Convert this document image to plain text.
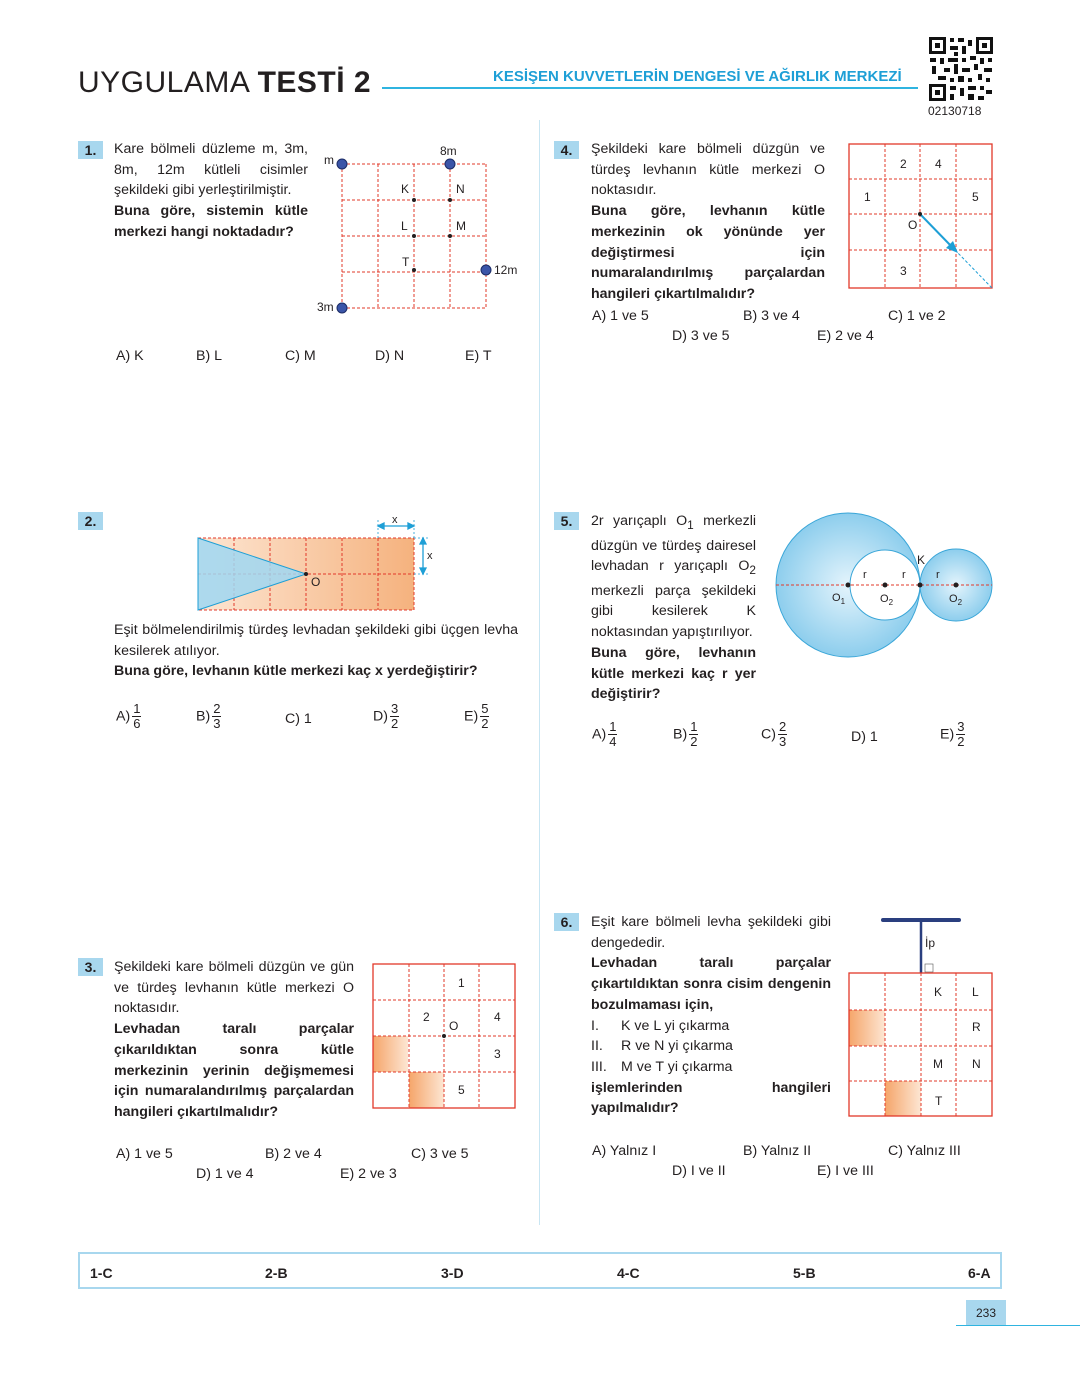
UYGULAMA TESTİ 2	KESİŞEN KUVVETLERİN DENGESİ VE AĞIRLIK MERKEZİ
02130718
1.	Kare bölmeli düzleme m, 3m, 8m, 12m kütleli cisimler şekildeki gibi yerleştirilmiştir.

Buna göre, sistemin kütle merkezi hangi noktadadır?

m
8m
12m
3m
K	N
L	M
T
A) K	B) L	C) M	D) N	E) T
2.
O
x
x

Eşit bölmelendirilmiş türdeş levhadan şekildeki gibi üçgen levha kesilerek atılıyor.

Buna göre, levhanın kütle merkezi kaç x yerdeğiştirir?

$A) \frac{1}{6}$	$B) \frac{2}{3}$	C) 1	$D) \frac{3}{2}$	$E) \frac{5}{2}$
3.	Şekildeki kare bölmeli düzgün ve gün ve türdeş levhanın kütle merkezi O noktasıdır.

Levhadan taralı parçalar çıkarıldıktan sonra kütle merkezinin yerinin değişmemesi için numaralandırılmış parçalardan hangileri çıkartılmalıdır?

1
2
O
4
3
5
A) 1 ve 5	B) 2 ve 4	C) 3 ve 5
D) 1 ve 4	E) 2 ve 3
4.	Şekildeki kare bölmeli düzgün ve türdeş levhanın kütle merkezi O noktasıdır.

Buna göre, levhanın kütle merkezinin ok yönünde yer değiştirmesi için numaralandırılmış parçalardan hangileri çıkartılmalıdır?

2 4
1	5
O
3
A) 1 ve 5	B) 3 ve 4	C) 1 ve 2
D) 3 ve 5	E) 2 ve 4
5.	2r yarıçaplı $O_1$ merkezli düzgün ve türdeş dairesel levhadan r yarıçaplı $O_2$ merkezli parça şekildeki gibi kesilerek K noktasından yapıştırılıyor.

Buna göre, levhanın kütle merkezi kaç r yer değiştirir?

K
r	r	r
$O_1$	$O_2$	$O_2$
$A) \frac{1}{4}$	$B) \frac{1}{2}$	$C) \frac{2}{3}$	D) 1	$E) \frac{3}{2}$
6.	Eşit kare bölmeli levha şekildeki gibi dengededir.

Levhadan taralı parçalar çıkartıldıktan sonra cisim dengenin bozulmaması için,

I. K ve L yi çıkarma

II. R ve N yi çıkarma

III. M ve T yi çıkarma

işlemlerinden hangileri yapılmalıdır?

İp
K L
R
M N
T
A) Yalnız I	B) Yalnız II	C) Yalnız III
D) I ve II	E) I ve III
1-C	2-B	3-D	4-C	5-B	6-A
233
